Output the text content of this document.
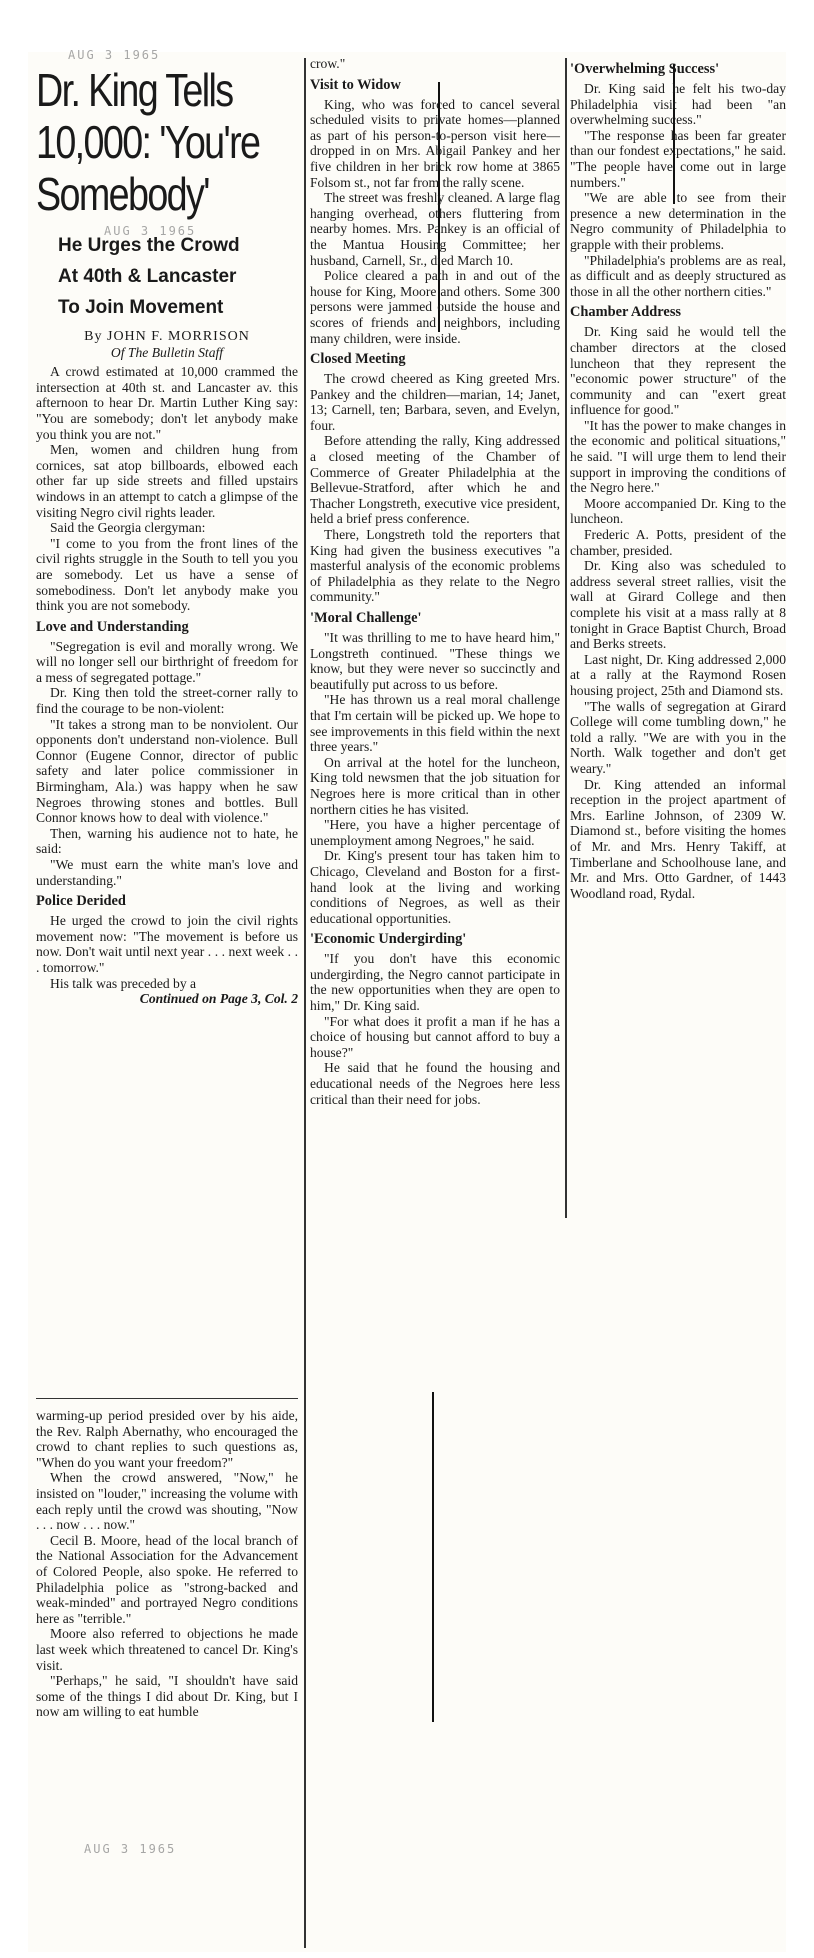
AUG 3 1965
AUG 3 1965
AUG 3 1965
Dr. King Tells
10,000: 'You're
Somebody'
He Urges the Crowd
At 40th & Lancaster
To Join Movement

By JOHN F. MORRISON

Of The Bulletin Staff

A crowd estimated at 10,000 crammed the intersection at 40th st. and Lancaster av. this afternoon to hear Dr. Martin Luther King say: "You are somebody; don't let anybody make you think you are not."

Men, women and children hung from cornices, sat atop billboards, elbowed each other far up side streets and filled upstairs windows in an attempt to catch a glimpse of the visiting Negro civil rights leader.

Said the Georgia clergyman:

"I come to you from the front lines of the civil rights struggle in the South to tell you you are somebody. Let us have a sense of somebodiness. Don't let anybody make you think you are not somebody.

Love and Understanding

"Segregation is evil and morally wrong. We will no longer sell our birthright of freedom for a mess of segregated pottage."

Dr. King then told the street-corner rally to find the courage to be non-violent:

"It takes a strong man to be nonviolent. Our opponents don't understand non-violence. Bull Connor (Eugene Connor, director of public safety and later police commissioner in Birmingham, Ala.) was happy when he saw Negroes throwing stones and bottles. Bull Connor knows how to deal with violence."

Then, warning his audience not to hate, he said:

"We must earn the white man's love and understanding."

Police Derided

He urged the crowd to join the civil rights movement now: "The movement is before us now. Don't wait until next year . . . next week . . . tomorrow."

His talk was preceded by a

Continued on Page 3, Col. 2

warming-up period presided over by his aide, the Rev. Ralph Abernathy, who encouraged the crowd to chant replies to such questions as, "When do you want your freedom?"

When the crowd answered, "Now," he insisted on "louder," increasing the volume with each reply until the crowd was shouting, "Now . . . now . . . now."

Cecil B. Moore, head of the local branch of the National Association for the Advancement of Colored People, also spoke. He referred to Philadelphia police as "strong-backed and weak-minded" and portrayed Negro conditions here as "terrible."

Moore also referred to objections he made last week which threatened to cancel Dr. King's visit.

"Perhaps," he said, "I shouldn't have said some of the things I did about Dr. King, but I now am willing to eat humble

crow."

Visit to Widow

King, who was forced to cancel several scheduled visits to private homes—planned as part of his person-to-person visit here—dropped in on Mrs. Abigail Pankey and her five children in her brick row home at 3865 Folsom st., not far from the rally scene.

The street was freshly cleaned. A large flag hanging overhead, others fluttering from nearby homes. Mrs. Pankey is an official of the Mantua Housing Committee; her husband, Carnell, Sr., died March 10.

Police cleared a path in and out of the house for King, Moore and others. Some 300 persons were jammed outside the house and scores of friends and neighbors, including many children, were inside.

Closed Meeting

The crowd cheered as King greeted Mrs. Pankey and the children—marian, 14; Janet, 13; Carnell, ten; Barbara, seven, and Evelyn, four.

Before attending the rally, King addressed a closed meeting of the Chamber of Commerce of Greater Philadelphia at the Bellevue-Stratford, after which he and Thacher Longstreth, executive vice president, held a brief press conference.

There, Longstreth told the reporters that King had given the business executives "a masterful analysis of the economic problems of Philadelphia as they relate to the Negro community."

'Moral Challenge'

"It was thrilling to me to have heard him," Longstreth continued. "These things we know, but they were never so succinctly and beautifully put across to us before.

"He has thrown us a real moral challenge that I'm certain will be picked up. We hope to see improvements in this field within the next three years."

On arrival at the hotel for the luncheon, King told newsmen that the job situation for Negroes here is more critical than in other northern cities he has visited.

"Here, you have a higher percentage of unemployment among Negroes," he said.

Dr. King's present tour has taken him to Chicago, Cleveland and Boston for a first-hand look at the living and working conditions of Negroes, as well as their educational opportunities.

'Economic Undergirding'

"If you don't have this economic undergirding, the Negro cannot participate in the new opportunities when they are open to him," Dr. King said.

"For what does it profit a man if he has a choice of housing but cannot afford to buy a house?"

He said that he found the housing and educational needs of the Negroes here less critical than their need for jobs.

'Overwhelming Success'

Dr. King said he felt his two-day Philadelphia visit had been "an overwhelming success."

"The response has been far greater than our fondest expectations," he said. "The people have come out in large numbers."

"We are able to see from their presence a new determination in the Negro community of Philadelphia to grapple with their problems.

"Philadelphia's problems are as real, as difficult and as deeply structured as those in all the other northern cities."

Chamber Address

Dr. King said he would tell the chamber directors at the closed luncheon that they represent the "economic power structure" of the community and can "exert great influence for good."

"It has the power to make changes in the economic and political situations," he said. "I will urge them to lend their support in improving the conditions of the Negro here."

Moore accompanied Dr. King to the luncheon.

Frederic A. Potts, president of the chamber, presided.

Dr. King also was scheduled to address several street rallies, visit the wall at Girard College and then complete his visit at a mass rally at 8 tonight in Grace Baptist Church, Broad and Berks streets.

Last night, Dr. King addressed 2,000 at a rally at the Raymond Rosen housing project, 25th and Diamond sts.

"The walls of segregation at Girard College will come tumbling down," he told a rally. "We are with you in the North. Walk together and don't get weary."

Dr. King attended an informal reception in the project apartment of Mrs. Earline Johnson, of 2309 W. Diamond st., before visiting the homes of Mr. and Mrs. Henry Takiff, at Timberlane and Schoolhouse lane, and Mr. and Mrs. Otto Gardner, of 1443 Woodland road, Rydal.
